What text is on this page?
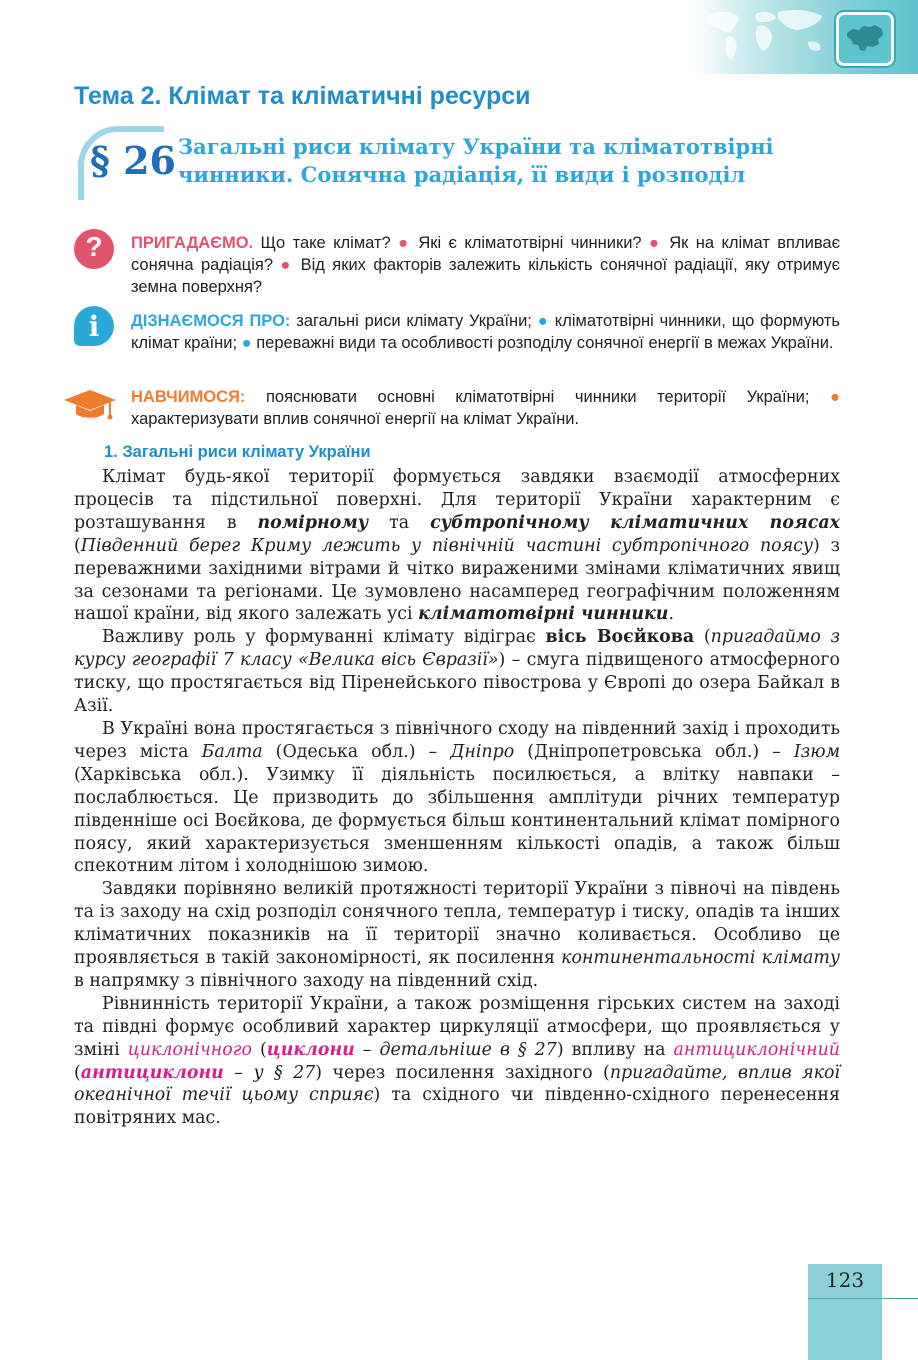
Тема 2. Клімат та кліматичні ресурси
§ 26 Загальні риси клімату України та кліматотвірні чинники. Сонячна радіація, її види і розподіл
?	ПРИГАДАЄМО. Що таке клімат? ● Які є кліматотвірні чинники? ● Як на клімат впливає сонячна радіація? ● Від яких факторів залежить кількість сонячної радіації, яку отримує земна поверхня?

i	ДІЗНАЄМОСЯ ПРО: загальні риси клімату України; ● кліматотвірні чинники, що формують клімат країни; ● переважні види та особливості розподілу сонячної енергії в межах України.

НАВЧИМОСЯ: пояснювати основні кліматотвірні чинники території України; ● характеризувати вплив сонячної енергії на клімат України.

1. Загальні риси клімату України

Клімат будь-якої території формується завдяки взаємодії атмосферних процесів та підстильної поверхні. Для території України характерним є розташування в помірному та субтропічному кліматичних поясах (Південний берег Криму лежить у північній частині субтропічного поясу) з переважними західними вітрами й чітко вираженими змінами кліматичних явищ за сезонами та регіонами. Це зумовлено насамперед географічним положенням нашої країни, від якого залежать усі кліматотвірні чинники.

Важливу роль у формуванні клімату відіграє вісь Воєйкова (пригадаймо з курсу географії 7 класу «Велика вісь Євразії») – смуга підвищеного атмосферного тиску, що простягається від Піренейського півострова у Європі до озера Байкал в Азії.

В Україні вона простягається з північного сходу на південний захід і проходить через міста Балта (Одеська обл.) – Дніпро (Дніпропетровська обл.) – Ізюм (Харківська обл.). Узимку її діяльність посилюється, а влітку навпаки – послаблюється. Це призводить до збільшення амплітуди річних температур південніше осі Воєйкова, де формується більш континентальний клімат помірного поясу, який характеризується зменшенням кількості опадів, а також більш спекотним літом і холоднішою зимою.

Завдяки порівняно великій протяжності території України з півночі на південь та із заходу на схід розподіл сонячного тепла, температур і тиску, опадів та інших кліматичних показників на її території значно коливається. Особливо це проявляється в такій закономірності, як посилення континентальності клімату в напрямку з північного заходу на південний схід.

Рівнинність території України, а також розміщення гірських систем на заході та півдні формує особливий характер циркуляції атмосфери, що проявляється у зміні циклонічного (циклони – детальніше в § 27) впливу на антициклонічний (антициклони – у § 27) через посилення західного (пригадайте, вплив якої океанічної течії цьому сприяє) та східного чи південно-східного перенесення повітряних мас.

123
